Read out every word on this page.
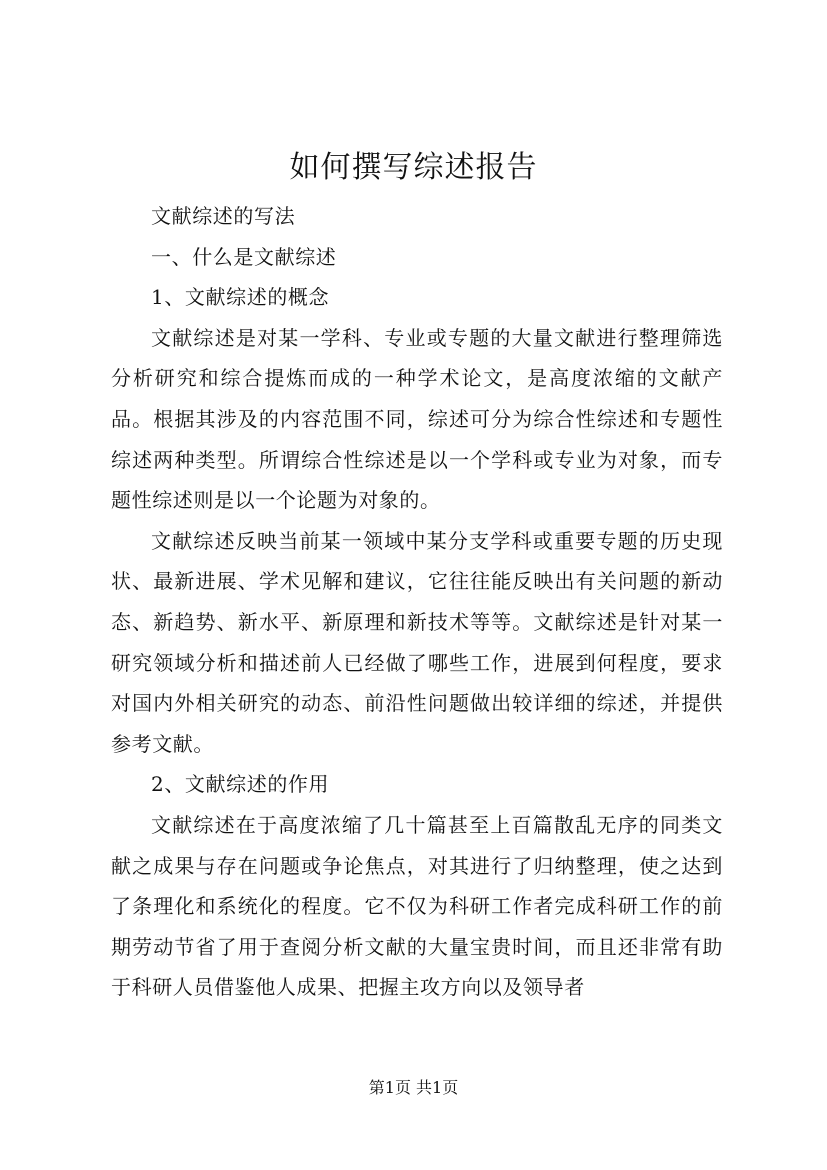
如何撰写综述报告

文献综述的写法

一、什么是文献综述

1、文献综述的概念

文献综述是对某一学科、专业或专题的大量文献进行整理筛选分析研究和综合提炼而成的一种学术论文，是高度浓缩的文献产品。根据其涉及的内容范围不同，综述可分为综合性综述和专题性综述两种类型。所谓综合性综述是以一个学科或专业为对象，而专题性综述则是以一个论题为对象的。

文献综述反映当前某一领域中某分支学科或重要专题的历史现状、最新进展、学术见解和建议，它往往能反映出有关问题的新动态、新趋势、新水平、新原理和新技术等等。文献综述是针对某一研究领域分析和描述前人已经做了哪些工作，进展到何程度，要求对国内外相关研究的动态、前沿性问题做出较详细的综述，并提供参考文献。

2、文献综述的作用

文献综述在于高度浓缩了几十篇甚至上百篇散乱无序的同类文献之成果与存在问题或争论焦点，对其进行了归纳整理，使之达到了条理化和系统化的程度。它不仅为科研工作者完成科研工作的前期劳动节省了用于查阅分析文献的大量宝贵时间，而且还非常有助于科研人员借鉴他人成果、把握主攻方向以及领导者

第1页 共1页
